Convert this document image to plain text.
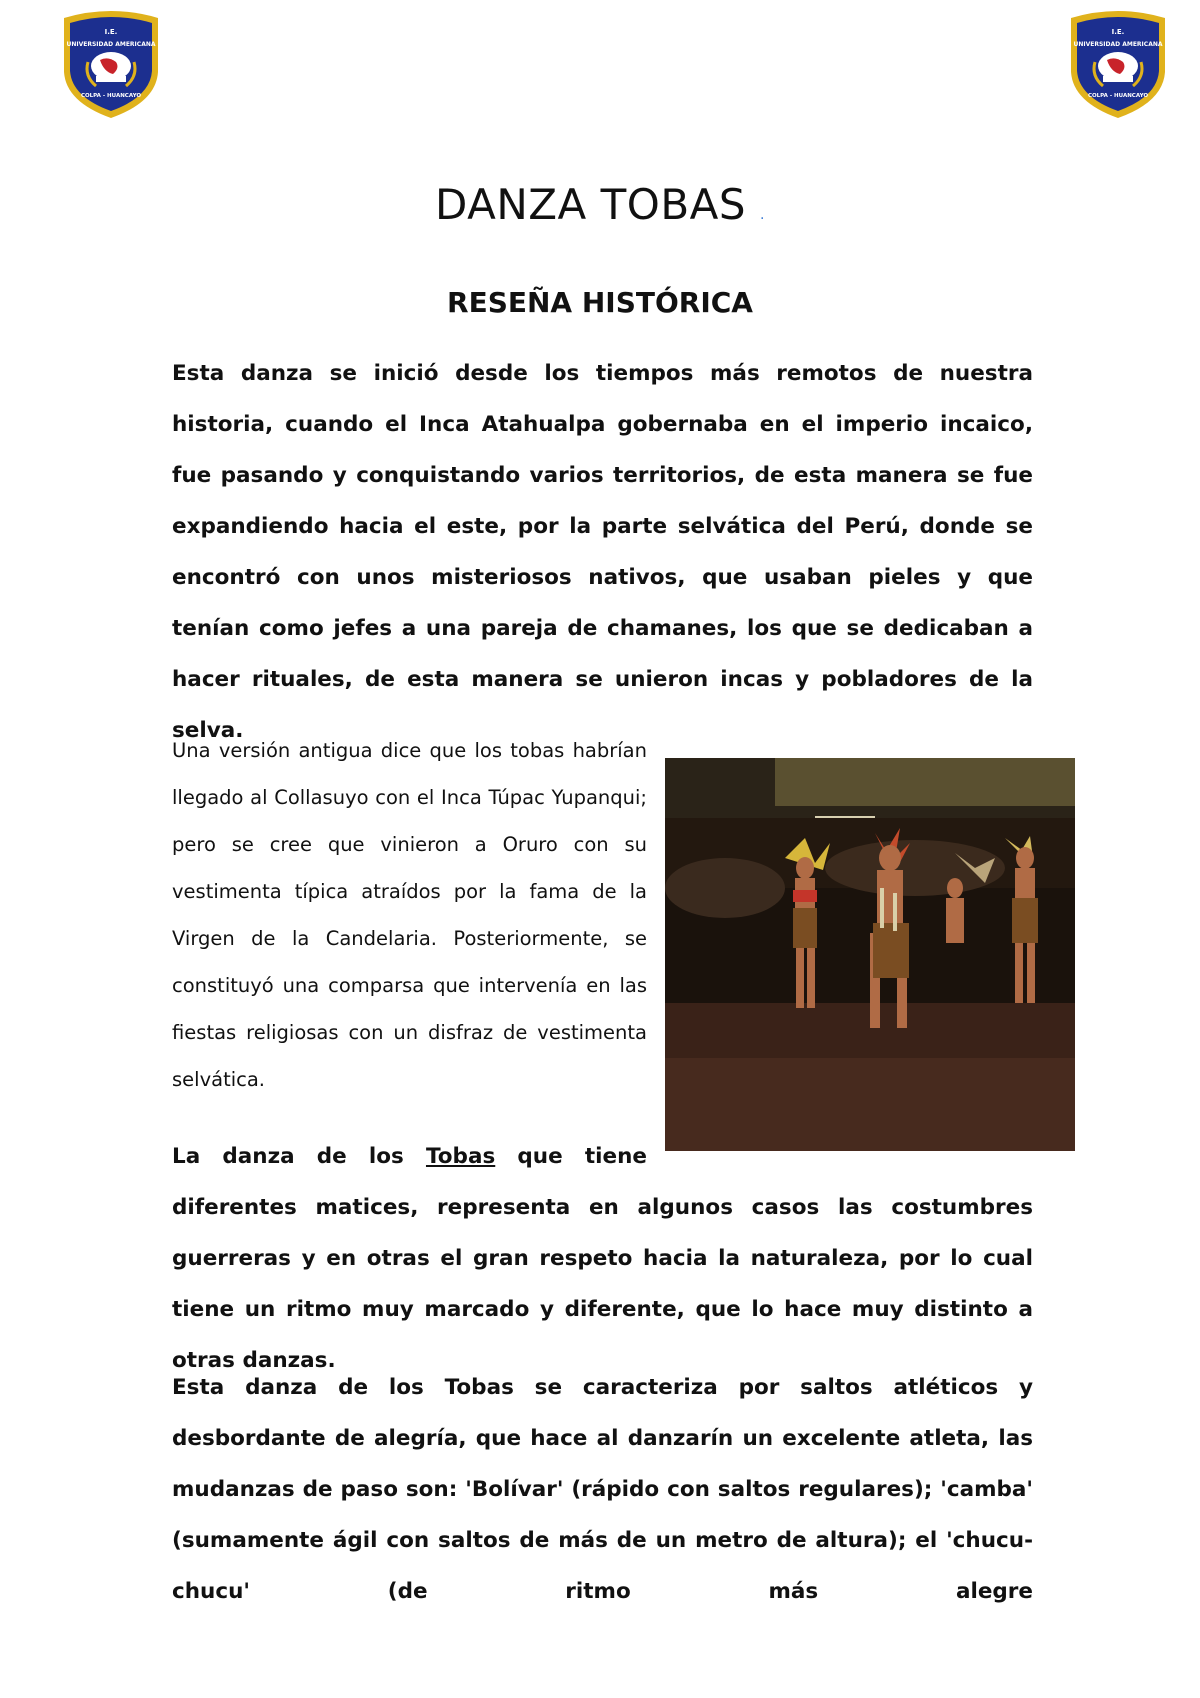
I.E.
UNIVERSIDAD AMERICANA
COLPA - HUANCAYO
I.E.
UNIVERSIDAD AMERICANA
COLPA - HUANCAYO
DANZA TOBAS .
RESEÑA HISTÓRICA

Esta danza se inició desde los tiempos más remotos de nuestra historia, cuando el Inca Atahualpa gobernaba en el imperio incaico, fue pasando y conquistando varios territorios, de esta manera se fue expandiendo hacia el este, por la parte selvática del Perú, donde se encontró con unos misteriosos nativos, que usaban pieles y que tenían como jefes a una pareja de chamanes, los que se dedicaban a hacer rituales, de esta manera se unieron incas y pobladores de la selva.

Una versión antigua dice que los tobas habrían llegado al Collasuyo con el Inca Túpac Yupanqui; pero se cree que vinieron a Oruro con su vestimenta típica atraídos por la fama de la Virgen de la Candelaria. Posteriormente, se constituyó una comparsa que intervenía en las fiestas religiosas con un disfraz de vestimenta selvática.

La danza de los Tobas que tiene

diferentes matices, representa en algunos casos las costumbres guerreras y en otras el gran respeto hacia la naturaleza, por lo cual tiene un ritmo muy marcado y diferente, que lo hace muy distinto a otras danzas.

Esta danza de los Tobas se caracteriza por saltos atléticos y desbordante de alegría, que hace al danzarín un excelente atleta, las mudanzas de paso son: 'Bolívar' (rápido con saltos regulares); 'camba' (sumamente ágil con saltos de más de un metro de altura); el 'chucu-chucu' (de ritmo más alegre
